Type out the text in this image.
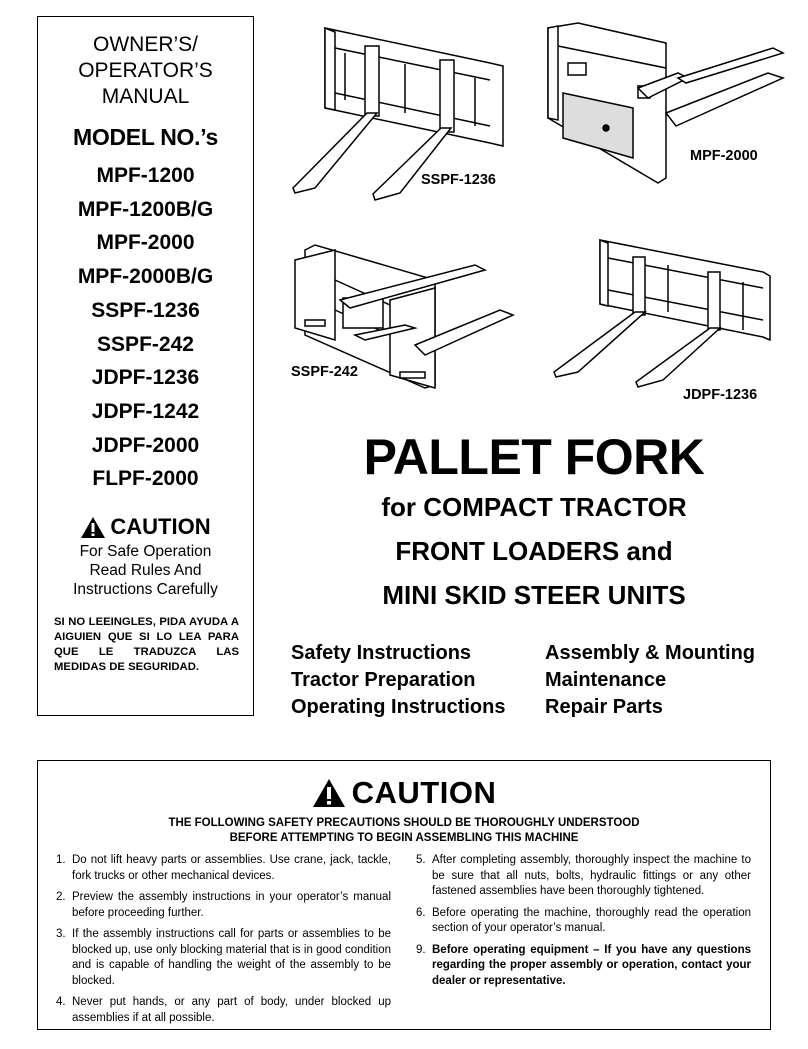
OWNER’S/
OPERATOR’S
MANUAL
MODEL NO.’s
MPF-1200
MPF-1200B/G
MPF-2000
MPF-2000B/G
SSPF-1236
SSPF-242
JDPF-1236
JDPF-1242
JDPF-2000
FLPF-2000
CAUTION
For Safe Operation
Read Rules And
Instructions Carefully
SI NO LEEINGLES, PIDA AYUDA A AIGUIEN QUE SI LO LEA PARA QUE LE TRADUZCA LAS MEDIDAS DE SEGURIDAD.
SSPF-1236
MPF-2000
SSPF-242
JDPF-1236
PALLET FORK
for COMPACT TRACTOR
FRONT LOADERS and
MINI SKID STEER UNITS
Safety Instructions
Tractor Preparation
Operating Instructions
Assembly & Mounting
Maintenance
Repair Parts
CAUTION
THE FOLLOWING SAFETY PRECAUTIONS SHOULD BE THOROUGHLY UNDERSTOOD
BEFORE ATTEMPTING TO BEGIN ASSEMBLING THIS MACHINE
1. Do not lift heavy parts or assemblies. Use crane, jack, tackle, fork trucks or other mechanical devices.
2. Preview the assembly instructions in your operator’s manual before proceeding further.
3. If the assembly instructions call for parts or assemblies to be blocked up, use only blocking material that is in good condition and is capable of handling the weight of the assembly to be blocked.
4. Never put hands, or any part of body, under blocked up assemblies if at all possible.
5. After completing assembly, thoroughly inspect the machine to be sure that all nuts, bolts, hydraulic fittings or any other fastened assemblies have been thoroughly tightened.
6. Before operating the machine, thoroughly read the operation section of your operator’s manual.
9. Before operating equipment – If you have any questions regarding the proper assembly or operation, contact your dealer or representative.
